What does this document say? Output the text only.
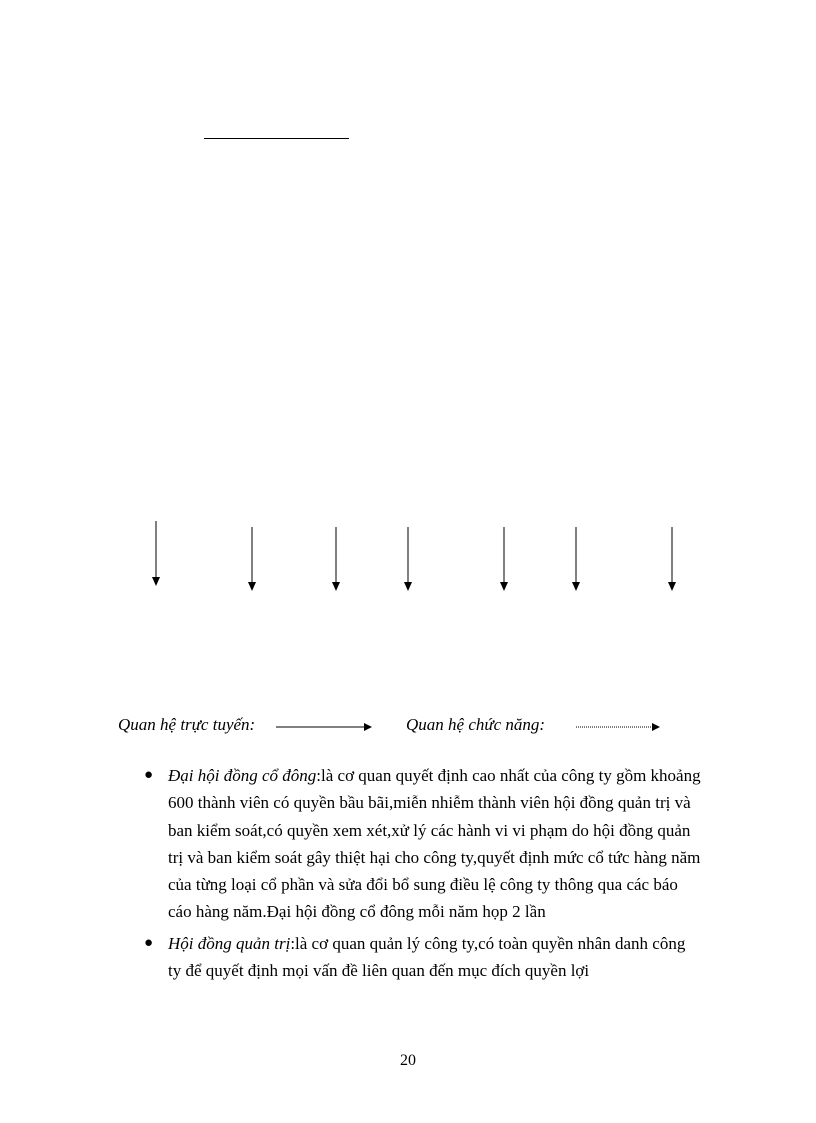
Quan hệ trực tuyến:	Quan hệ chức năng:
● Đại hội đồng cổ đông:là cơ quan quyết định cao nhất của công ty gồm khoảng 600 thành viên có quyền bầu bãi,miễn nhiễm thành viên hội đồng quản trị và ban kiểm soát,có quyền xem xét,xử lý các hành vi vi phạm do hội đồng quản trị và ban kiểm soát gây thiệt hại cho công ty,quyết định mức cổ tức hàng năm của từng loại cổ phần và sửa đổi bổ sung điều lệ công ty thông qua các báo cáo hàng năm.Đại hội đồng cổ đông mỗi năm họp 2 lần
● Hội đồng quản trị:là cơ quan quản lý công ty,có toàn quyền nhân danh công ty để quyết định mọi vấn đề liên quan đến mục đích quyền lợi
20
